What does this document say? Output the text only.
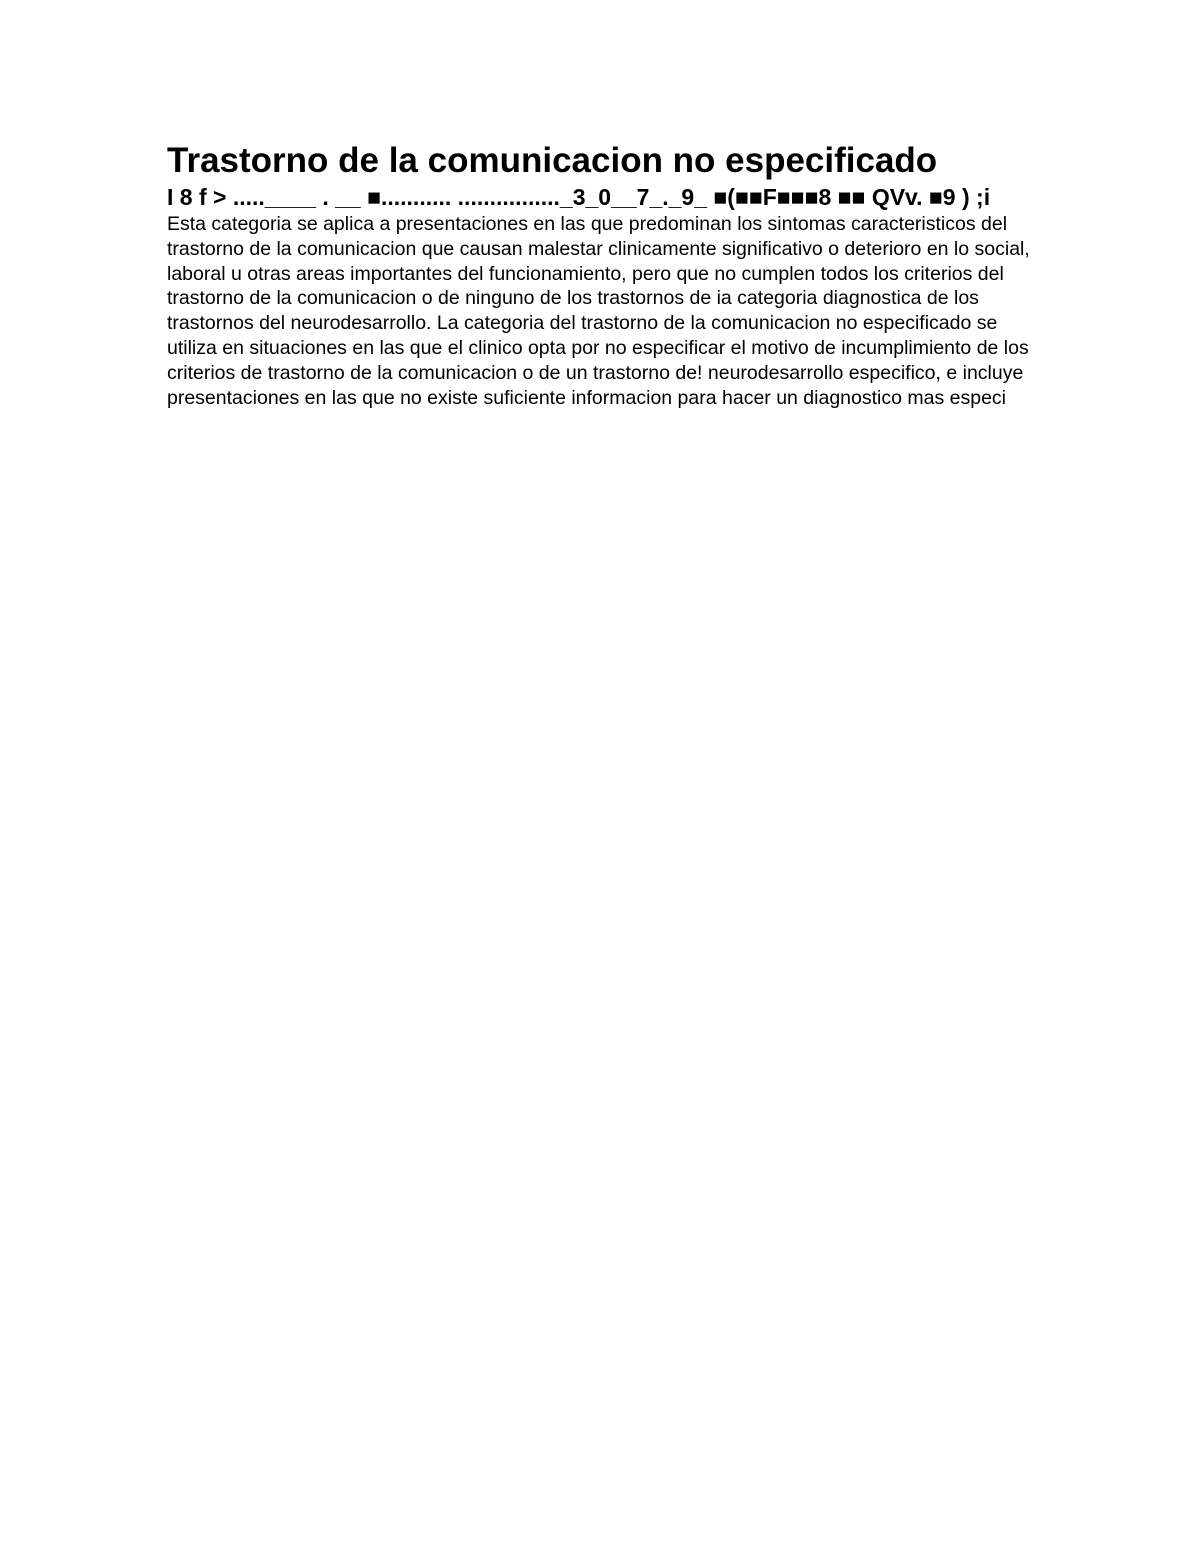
Trastorno de la comunicacion no especificado

I 8 f > .....____ . __ ■........... ................_3_0__7_._9_ ■(■■F■■■8 ■■ QVv. ■9 ) ;i

Esta categoria se aplica a presentaciones en las que predominan los sintomas caracteristicos del
trastorno de la comunicacion que causan malestar clinicamente significativo o deterioro en lo social,
laboral u otras areas importantes del funcionamiento, pero que no cumplen todos los criterios del
trastorno de la comunicacion o de ninguno de los trastornos de ia categoria diagnostica de los
trastornos del neurodesarrollo. La categoria del trastorno de la comunicacion no especificado se
utiliza en situaciones en las que el clinico opta por no especificar el motivo de incumplimiento de los
criterios de trastorno de la comunicacion o de un trastorno de! neurodesarrollo especifico, e incluye
presentaciones en las que no existe suficiente informacion para hacer un diagnostico mas especi
